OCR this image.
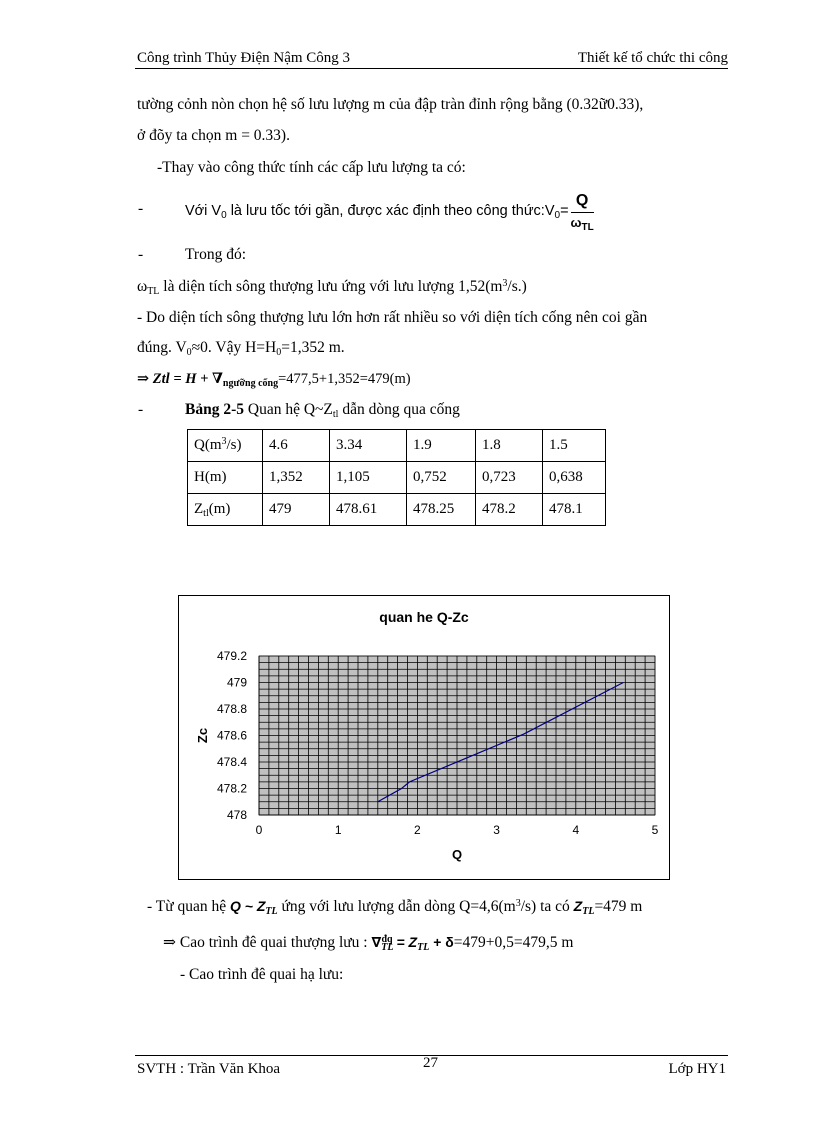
Công trình Thủy Điện Nậm Công 3	Thiết kế tổ chức thi công
tường cỏnh nòn chọn hệ số lưu lượng m của đập tràn đỉnh rộng bằng (0.32ữ0.33),
ở đõy ta chọn m = 0.33).
-Thay vào công thức tính các cấp lưu lượng ta có:
-	Với $V_0$ là lưu tốc tới gần, được xác định theo công $thức:V_0= \frac{Q}{\omega_{TL}}$
-	Trong đó:
$\omega_{TL}$ là diện tích sông thượng lưu ứng với lưu lượng $1,52(m^3/s.)$
- Do diện tích sông thượng lưu lớn hơn rất nhiều so với diện tích cống nên coi gần
đúng. $V_0\approx 0$. Vậy $H=H_0=1,352$ m.
⇒ Ztl = $H + \nabla_{ngưỡng cống}=477,5+1,352=479(m)$
-	Bảng 2-5 Quan hệ $Q\sim Z_{tl}$ dẫn dòng qua cống
$Q(m^3/s)$	4.6	3.34	1.9	1.8	1.5
H(m)	1,352	1,105	0,752	0,723	0,638
$Z_{tl}(m)$	479	478.61	478.25	478.2	478.1
0	1	2	3	4	5
478
478.2
478.4
478.6
478.8
479
479.2
quan he Q-Zc
Q
Zc
- Từ quan hệ Q ~ $Z_{TL}$ ứng với lưu lượng dẫn dòng $Q=4,6(m^3/s)$ ta có $Z_{TL}=479$ m
⇒ Cao trình đê quai thượng lưu : $\nabla_{TL}^{đq} = Z_{TL} + \delta=479+0,5=479,5$ m
- Cao trình đê quai hạ lưu:
SVTH : Trần Văn Khoa	27	Lớp HY1
